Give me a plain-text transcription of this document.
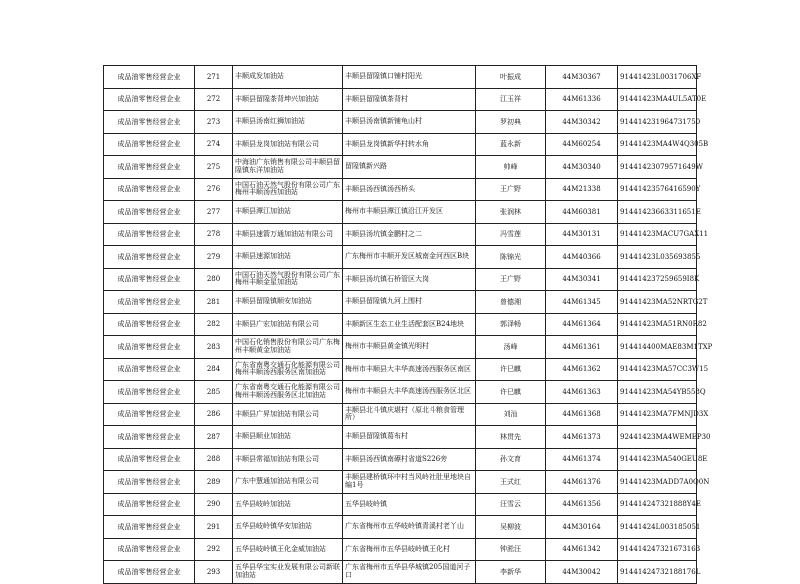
成品油零售经营企业	271	丰顺成发加油站	丰顺县留隍镇口铺村阳光	叶振成	44M30367	91441423L0031706XF
成品油零售经营企业	272	丰顺县留隍茶背坤兴加油站	丰顺县留隍镇茶背村	江玉祥	44M61336	91441423MA4UL5AT0E
成品油零售经营企业	273	丰顺县汤南红狮加油站	丰顺县汤南镇新铺龟山村	罗初典	44M30342	914414231964731750
成品油零售经营企业	274	丰顺县龙岗加油站有限公司	丰顺县龙岗镇新华村转水角	蓝永新	44M60254	91441423MA4W4Q305B
成品油零售经营企业	275	中海油广东销售有限公司丰顺县留隍镇东洋加油站	留隍镇新兴路	帅峰	44M30340	91441423079571649W
成品油零售经营企业	276	中国石油天然气股份有限公司广东梅州丰顺汤西加油站	丰顺县汤西镇汤西桥头	王广野	44M21338	91441423576416590Y
成品油零售经营企业	277	丰顺县潭江加油站	梅州市丰顺县潭江镇沿江开发区	张润林	44M60381	91441423663311651E
成品油零售经营企业	278	丰顺县速箭万通加油站有限公司	丰顺县汤坑镇金鹏村之二	冯雪莲	44M30131	91441423MACU7GAX11
成品油零售经营企业	279	丰顺县速源加油站	广东梅州市丰顺开发区城南金河西区B块	陈锦光	44M40366	91441423L035693855
成品油零售经营企业	280	中国石油天然气股份有限公司广东梅州丰顺金星加油站	丰顺县汤坑镇石桥管区大岗	王广野	44M30341	914414237259659I8K
成品油零售经营企业	281	丰顺县留隍镇顺安加油站	丰顺县留隍镇九河上围村	曾德湘	44M61345	91441423MA52NRTG2T
成品油零售经营企业	282	丰顺县广宏加油站有限公司	丰顺新区生态工业生活配套区B24地块	郭泽畅	44M61364	91441423MA51RN0R82
成品油零售经营企业	283	中国石化销售股份有限公司广东梅州丰顺黄金加油站	梅州市丰顺县黄金镇光明村	汤峰	44M61361	914414400MAE83M1TXP
成品油零售经营企业	284	广东省南粤交通石化能源有限公司梅州丰顺汤西服务区南加油站	梅州市丰顺县大丰华高速汤西服务区南区	许巳麒	44M61362	91441423MA57CC3W15
成品油零售经营企业	285	广东省南粤交通石化能源有限公司梅州丰顺汤西服务区北加油站	梅州市丰顺县大丰华高速汤西服务区北区	许巳麒	44M61363	91441423MA54YB558Q
成品油零售经营企业	286	丰顺县广昇加油站有限公司	丰顺县北斗镇庆堪村（原北斗粮食管理所）	刘汕	44M61368	91441423MA7FMNJD3X
成品油零售经营企业	287	丰顺县顺业加油站	丰顺县留隍镇葛布村	林贯先	44M61373	92441423MA4WEMEP30
成品油零售经营企业	288	丰顺县常福加油站有限公司	丰顺县汤西镇南礤村省道S226旁	孙文育	44M61374	91441423MA540GEU8E
成品油零售经营企业	289	广东中慧通加油站有限公司	丰顺县建桥镇环中村当风岭社肚里地块自编1号	王式红	44M61376	91441423MADD7A0Q0N
成品油零售经营企业	290	五华县岐岭加油站	五华县岐岭镇	汪雪云	44M61356	914414247321888Y4E
成品油零售经营企业	291	五华县岐岭镇华安加油站	广东省梅州市五华岐岭镇青溪村老丫山	吴柳波	44M30164	91441424L003185051
成品油零售经营企业	292	五华县岐岭镇王化金威加油站	广东省梅州市五华县岐岭镇王化村	钟淞汪	44M61342	914414247321673163
成品油零售经营企业	293	五华县华宝实业发展有限公司新联加油站	广东省梅州市五华县华城镇205国道河子口	李新华	44M30042	91441424732188176L
